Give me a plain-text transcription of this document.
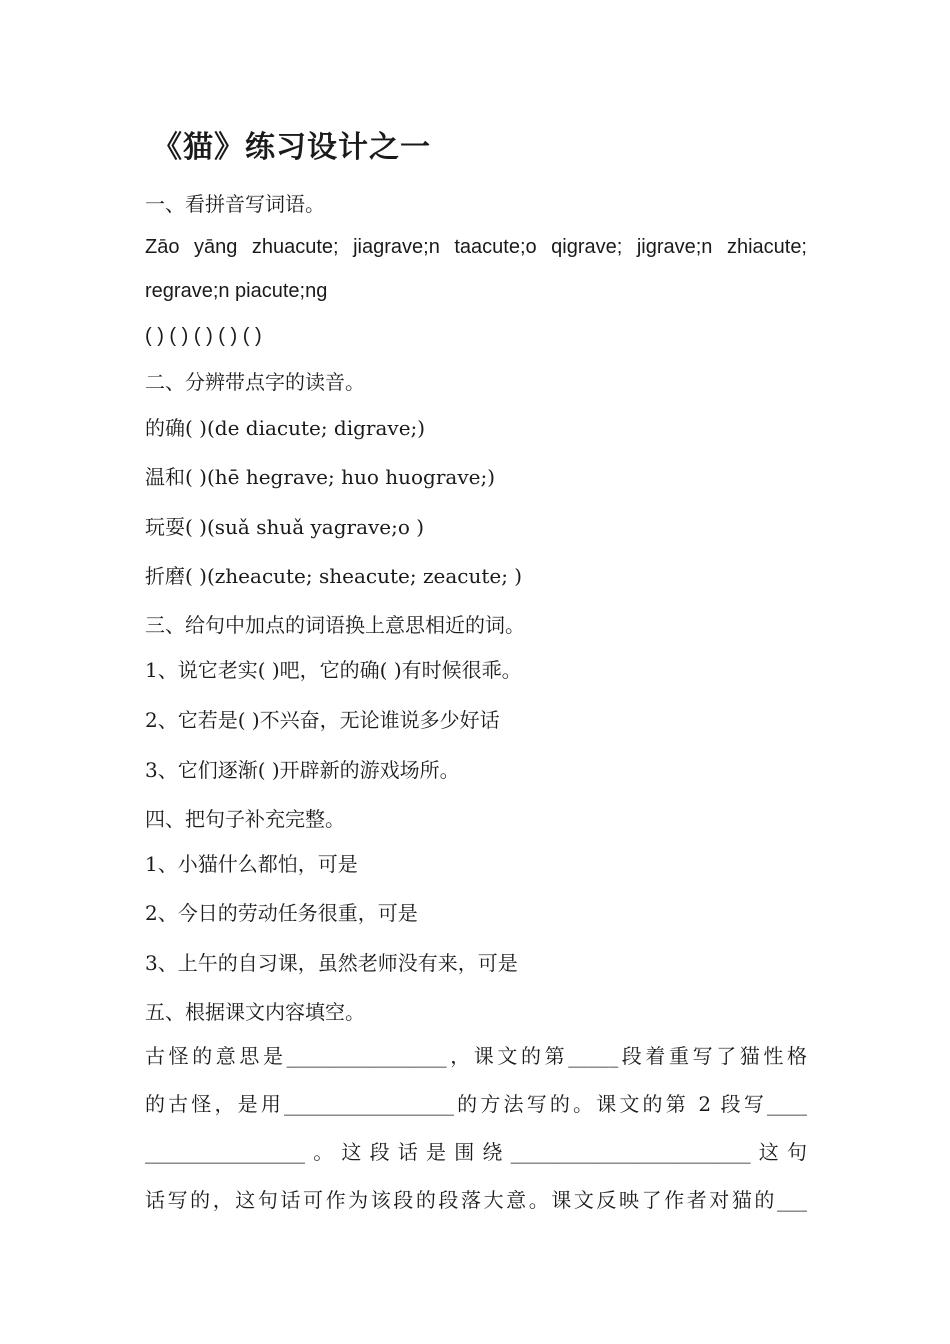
《猫》练习设计之一
一、看拼音写词语。
Zāo yāng zhuacute; jiagrave;n taacute;o qigrave; jigrave;n zhiacute;
regrave;n piacute;ng
( ) ( ) ( ) ( ) ( )
二、分辨带点字的读音。
的确( )(de diacute; digrave;)
温和( )(hē hegrave; huo huograve;)
玩耍( )(suǎ shuǎ yagrave;o )
折磨( )(zheacute; sheacute; zeacute; )
三、给句中加点的词语换上意思相近的词。
1、说它老实( )吧，它的确( )有时候很乖。
2、它若是( )不兴奋，无论谁说多少好话
3、它们逐渐( )开辟新的游戏场所。
四、把句子补充完整。
1、小猫什么都怕，可是
2、今日的劳动任务很重，可是
3、上午的自习课，虽然老师没有来，可是
五、根据课文内容填空。
古怪的意思是________________，课文的第_____段着重写了猫性格
的古怪，是用_________________的方法写的。课文的第 2 段写____
________________。这段话是围绕________________________这句
话写的，这句话可作为该段的段落大意。课文反映了作者对猫的___
